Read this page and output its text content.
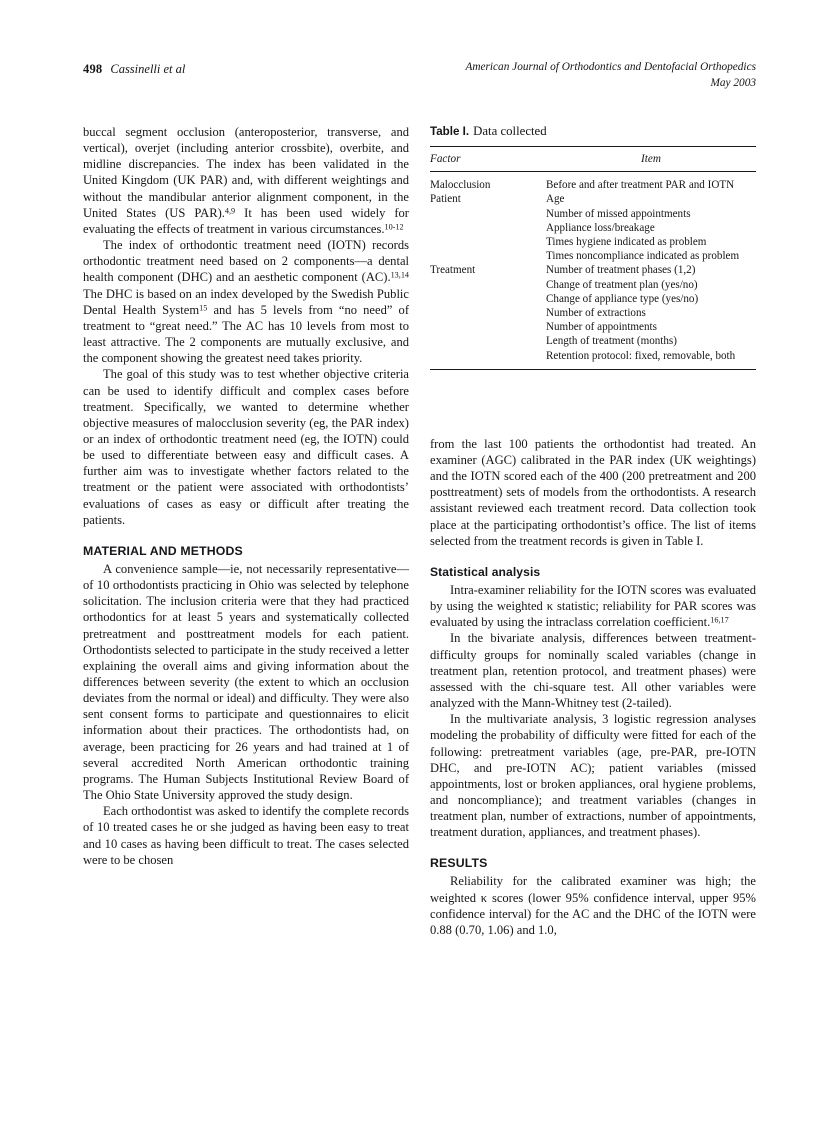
498 Cassinelli et al	American Journal of Orthodontics and Dentofacial Orthopedics
May 2003

buccal segment occlusion (anteroposterior, transverse, and vertical), overjet (including anterior crossbite), overbite, and midline discrepancies. The index has been validated in the United Kingdom (UK PAR) and, with different weightings and without the mandibular anterior alignment component, in the United States (US PAR).$^{4,9}$ It has been used widely for evaluating the effects of treatment in various circumstances.$^{10-12}$

The index of orthodontic treatment need (IOTN) records orthodontic treatment need based on 2 components—a dental health component (DHC) and an aesthetic component (AC).$^{13,14}$ The DHC is based on an index developed by the Swedish Public Dental Health System$^{15}$ and has 5 levels from “no need” of treatment to “great need.” The AC has 10 levels from most to least attractive. The 2 components are mutually exclusive, and the component showing the greatest need takes priority.

The goal of this study was to test whether objective criteria can be used to identify difficult and complex cases before treatment. Specifically, we wanted to determine whether objective measures of malocclusion severity (eg, the PAR index) or an index of orthodontic treatment need (eg, the IOTN) could be used to differentiate between easy and difficult cases. A further aim was to investigate whether factors related to the treatment or the patient were associated with orthodontists’ evaluations of cases as easy or difficult after treating the patients.

MATERIAL AND METHODS

A convenience sample—ie, not necessarily representative—of 10 orthodontists practicing in Ohio was selected by telephone solicitation. The inclusion criteria were that they had practiced orthodontics for at least 5 years and systematically collected pretreatment and posttreatment models for each patient. Orthodontists selected to participate in the study received a letter explaining the overall aims and giving information about the differences between severity (the extent to which an occlusion deviates from the normal or ideal) and difficulty. They were also sent consent forms to participate and questionnaires to elicit information about their practices. The orthodontists had, on average, been practicing for 26 years and had trained at 1 of several accredited North American orthodontic training programs. The Human Subjects Institutional Review Board of The Ohio State University approved the study design.

Each orthodontist was asked to identify the complete records of 10 treated cases he or she judged as having been easy to treat and 10 cases as having been difficult to treat. The cases selected were to be chosen

Table I. Data collected
Factor	Item
Malocclusion	Before and after treatment PAR and IOTN
Patient	Age
	Number of missed appointments
	Appliance loss/breakage
	Times hygiene indicated as problem
	Times noncompliance indicated as problem
Treatment	Number of treatment phases (1,2)
	Change of treatment plan (yes/no)
	Change of appliance type (yes/no)
	Number of extractions
	Number of appointments
	Length of treatment (months)
	Retention protocol: fixed, removable, both

from the last 100 patients the orthodontist had treated. An examiner (AGC) calibrated in the PAR index (UK weightings) and the IOTN scored each of the 400 (200 pretreatment and 200 posttreatment) sets of models from the orthodontists. A research assistant reviewed each treatment record. Data collection took place at the participating orthodontist’s office. The list of items selected from the treatment records is given in Table I.

Statistical analysis

Intra-examiner reliability for the IOTN scores was evaluated by using the weighted κ statistic; reliability for PAR scores was evaluated by using the intraclass correlation coefficient.$^{16,17}$

In the bivariate analysis, differences between treatment-difficulty groups for nominally scaled variables (change in treatment plan, retention protocol, and treatment phases) were assessed with the chi-square test. All other variables were analyzed with the Mann-Whitney test (2-tailed).

In the multivariate analysis, 3 logistic regression analyses modeling the probability of difficulty were fitted for each of the following: pretreatment variables (age, pre-PAR, pre-IOTN DHC, and pre-IOTN AC); patient variables (missed appointments, lost or broken appliances, oral hygiene problems, and noncompliance); and treatment variables (changes in treatment plan, number of extractions, number of appointments, treatment duration, appliances, and treatment phases).

RESULTS

Reliability for the calibrated examiner was high; the weighted κ scores (lower 95% confidence interval, upper 95% confidence interval) for the AC and the DHC of the IOTN were 0.88 (0.70, 1.06) and 1.0,
